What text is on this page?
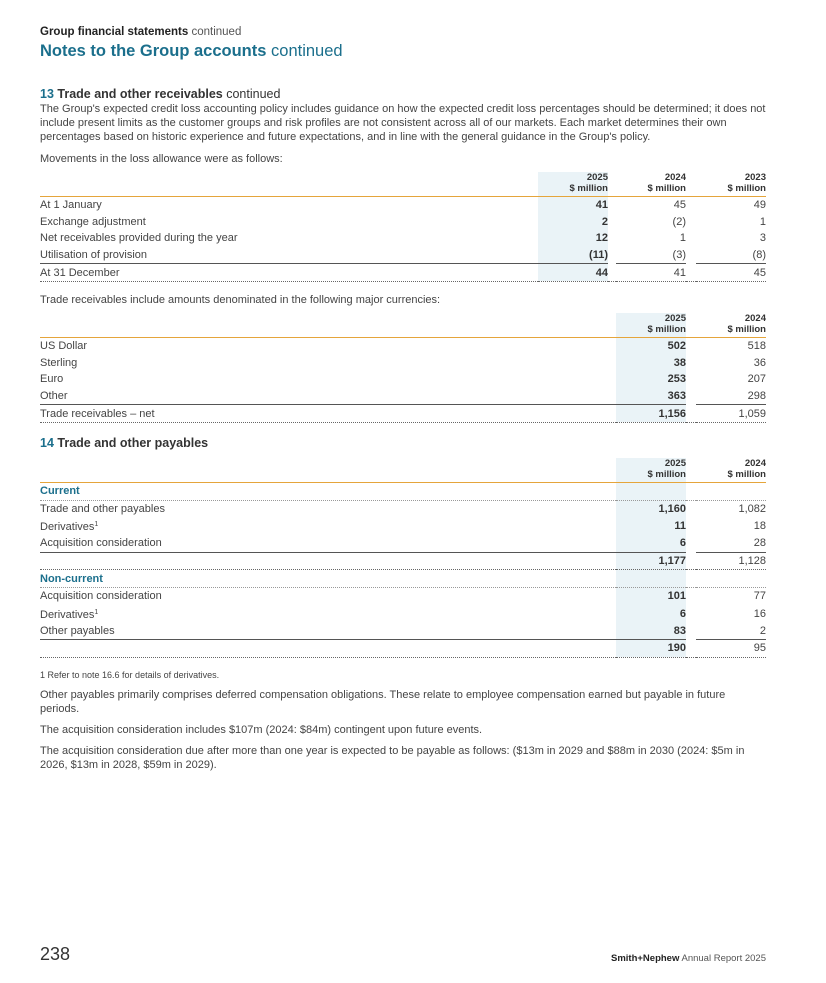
Group financial statements continued
Notes to the Group accounts continued
13 Trade and other receivables continued
The Group's expected credit loss accounting policy includes guidance on how the expected credit loss percentages should be determined; it does not include present limits as the customer groups and risk profiles are not consistent across all of our markets. Each market determines their own percentages based on historic experience and future expectations, and in line with the general guidance in the Group's policy.
Movements in the loss allowance were as follows:
	2025
$ million		2024
$ million		2023
$ million
At 1 January	41		45		49
Exchange adjustment	2		(2)		1
Net receivables provided during the year	12		1		3
Utilisation of provision	(11)		(3)		(8)
At 31 December	44		41		45
Trade receivables include amounts denominated in the following major currencies:
	2025
$ million		2024
$ million
US Dollar	502		518
Sterling	38		36
Euro	253		207
Other	363		298
Trade receivables – net	1,156		1,059
14 Trade and other payables
	2025
$ million		2024
$ million
Current			
Trade and other payables	1,160		1,082
Derivatives$^1$	11		18
Acquisition consideration	6		28
	1,177		1,128
Non-current			
Acquisition consideration	101		77
Derivatives$^1$	6		16
Other payables	83		2
	190		95
1 Refer to note 16.6 for details of derivatives.
Other payables primarily comprises deferred compensation obligations. These relate to employee compensation earned but payable in future periods.
The acquisition consideration includes $107m (2024: $84m) contingent upon future events.
The acquisition consideration due after more than one year is expected to be payable as follows: ($13m in 2029 and $88m in 2030 (2024: $5m in 2026, $13m in 2028, $59m in 2029).
238	Smith+Nephew Annual Report 2025
